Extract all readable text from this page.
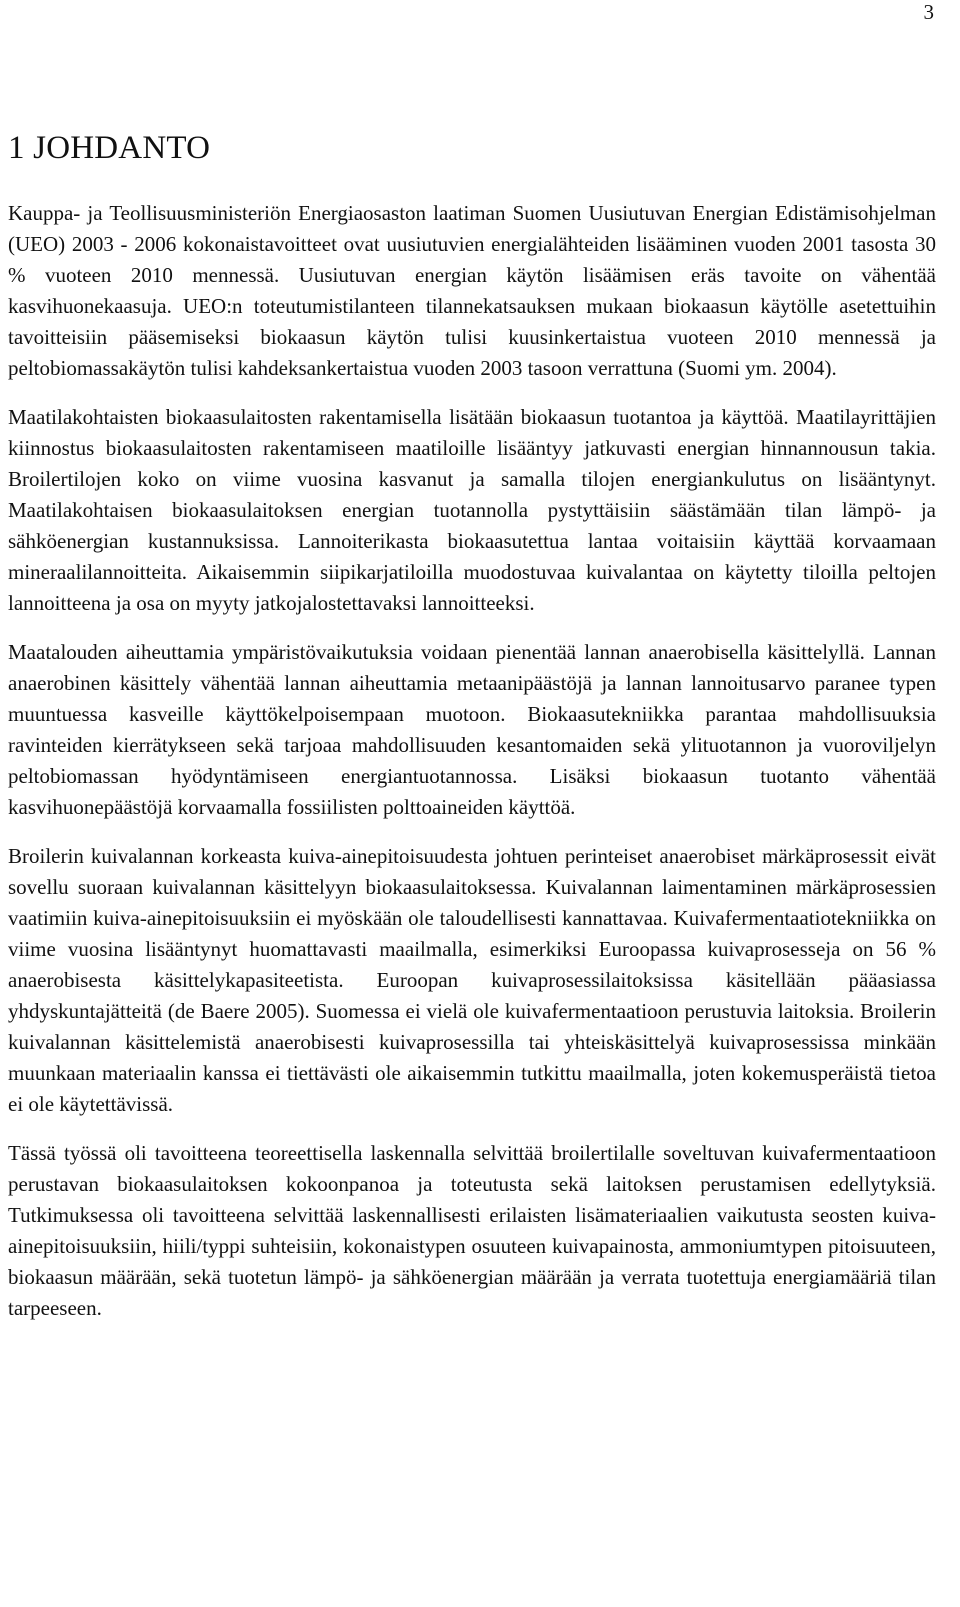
3
1 JOHDANTO

Kauppa- ja Teollisuusministeriön Energiaosaston laatiman Suomen Uusiutuvan Energian Edistämisohjelman (UEO) 2003 - 2006 kokonaistavoitteet ovat uusiutuvien energialähteiden lisääminen vuoden 2001 tasosta 30 % vuoteen 2010 mennessä. Uusiutuvan energian käytön lisäämisen eräs tavoite on vähentää kasvihuonekaasuja. UEO:n toteutumistilanteen tilannekatsauksen mukaan biokaasun käytölle asetettuihin tavoitteisiin pääsemiseksi biokaasun käytön tulisi kuusinkertaistua vuoteen 2010 mennessä ja peltobiomassakäytön tulisi kahdeksankertaistua vuoden 2003 tasoon verrattuna (Suomi ym. 2004).

Maatilakohtaisten biokaasulaitosten rakentamisella lisätään biokaasun tuotantoa ja käyttöä. Maatilayrittäjien kiinnostus biokaasulaitosten rakentamiseen maatiloille lisääntyy jatkuvasti energian hinnannousun takia. Broilertilojen koko on viime vuosina kasvanut ja samalla tilojen energiankulutus on lisääntynyt. Maatilakohtaisen biokaasulaitoksen energian tuotannolla pystyttäisiin säästämään tilan lämpö- ja sähköenergian kustannuksissa. Lannoiterikasta biokaasutettua lantaa voitaisiin käyttää korvaamaan mineraalilannoitteita. Aikaisemmin siipikarjatiloilla muodostuvaa kuivalantaa on käytetty tiloilla peltojen lannoitteena ja osa on myyty jatkojalostettavaksi lannoitteeksi.

Maatalouden aiheuttamia ympäristövaikutuksia voidaan pienentää lannan anaerobisella käsittelyllä. Lannan anaerobinen käsittely vähentää lannan aiheuttamia metaanipäästöjä ja lannan lannoitusarvo paranee typen muuntuessa kasveille käyttökelpoisempaan muotoon. Biokaasutekniikka parantaa mahdollisuuksia ravinteiden kierrätykseen sekä tarjoaa mahdollisuuden kesantomaiden sekä ylituotannon ja vuoroviljelyn peltobiomassan hyödyntämiseen energiantuotannossa. Lisäksi biokaasun tuotanto vähentää kasvihuonepäästöjä korvaamalla fossiilisten polttoaineiden käyttöä.

Broilerin kuivalannan korkeasta kuiva-ainepitoisuudesta johtuen perinteiset anaerobiset märkäprosessit eivät sovellu suoraan kuivalannan käsittelyyn biokaasulaitoksessa. Kuivalannan laimentaminen märkäprosessien vaatimiin kuiva-ainepitoisuuksiin ei myöskään ole taloudellisesti kannattavaa. Kuivafermentaatiotekniikka on viime vuosina lisääntynyt huomattavasti maailmalla, esimerkiksi Euroopassa kuivaprosesseja on 56 % anaerobisesta käsittelykapasiteetista. Euroopan kuivaprosessilaitoksissa käsitellään pääasiassa yhdyskuntajätteitä (de Baere 2005). Suomessa ei vielä ole kuivafermentaatioon perustuvia laitoksia. Broilerin kuivalannan käsittelemistä anaerobisesti kuivaprosessilla tai yhteiskäsittelyä kuivaprosessissa minkään muunkaan materiaalin kanssa ei tiettävästi ole aikaisemmin tutkittu maailmalla, joten kokemusperäistä tietoa ei ole käytettävissä.

Tässä työssä oli tavoitteena teoreettisella laskennalla selvittää broilertilalle soveltuvan kuivafermentaatioon perustavan biokaasulaitoksen kokoonpanoa ja toteutusta sekä laitoksen perustamisen edellytyksiä. Tutkimuksessa oli tavoitteena selvittää laskennallisesti erilaisten lisämateriaalien vaikutusta seosten kuiva-ainepitoisuuksiin, hiili/typpi suhteisiin, kokonaistypen osuuteen kuivapainosta, ammoniumtypen pitoisuuteen, biokaasun määrään, sekä tuotetun lämpö- ja sähköenergian määrään ja verrata tuotettuja energiamääriä tilan tarpeeseen.
